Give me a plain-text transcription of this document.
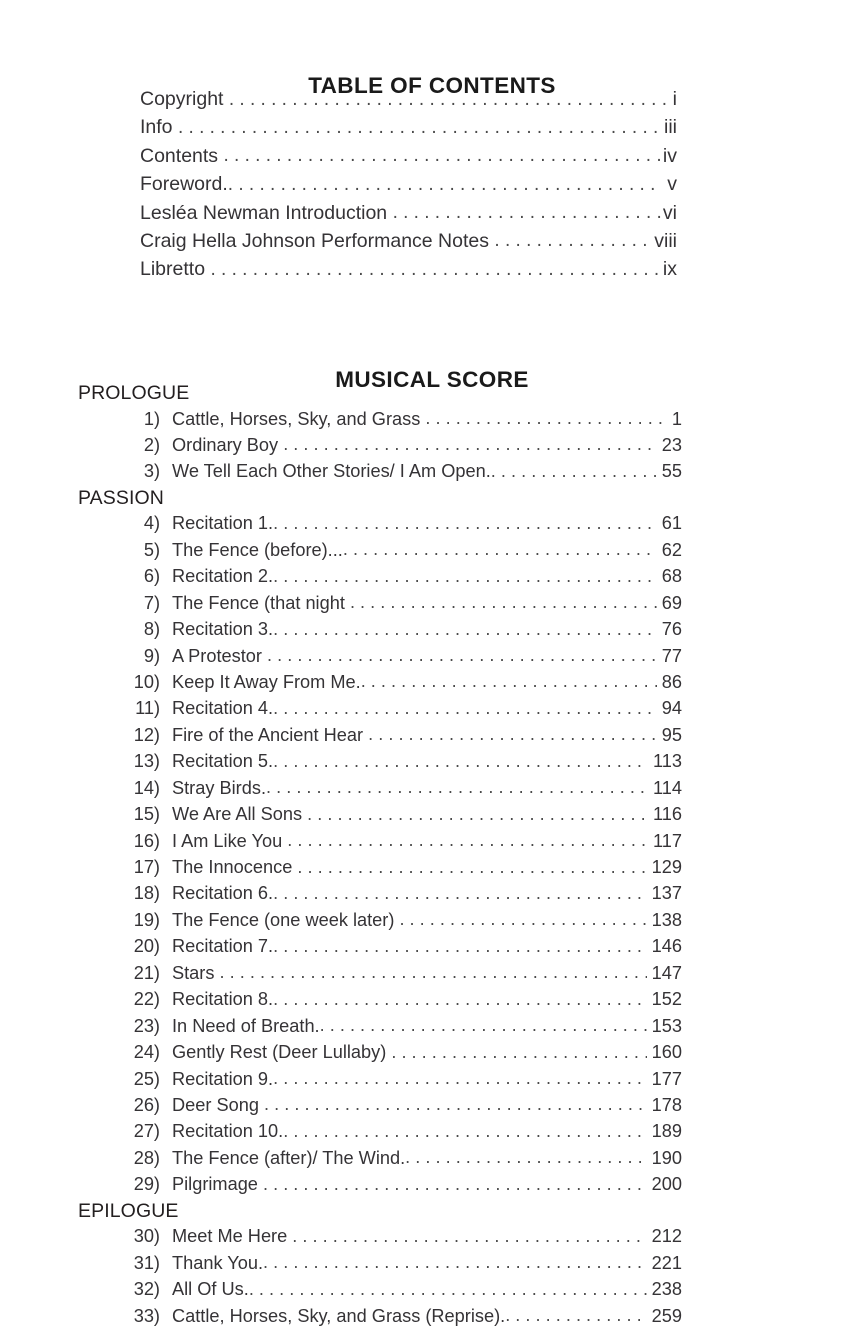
TABLE OF CONTENTS
Copyright . . .	i
Info . . .	iii
Contents . . .	iv
Foreword. . . .	v
Lesléa Newman Introduction . . .	vi
Craig Hella Johnson Performance Notes . . .	viii
Libretto . . .	ix
MUSICAL SCORE
PROLOGUE
1) Cattle, Horses, Sky, and Grass . . .	1
2) Ordinary Boy . . .	23
3) We Tell Each Other Stories/ I Am Open. . . .	55
PASSION
4) Recitation 1. . . .	61
5) The Fence (before)... . . .	62
6) Recitation 2. . . .	68
7) The Fence (that night . . .	69
8) Recitation 3. . . .	76
9) A Protestor . . .	77
10) Keep It Away From Me. . . .	86
11) Recitation 4. . . .	94
12) Fire of the Ancient Hear . . .	95
13) Recitation 5. . . .	113
14) Stray Birds. . . .	114
15) We Are All Sons . . .	116
16) I Am Like You . . .	117
17) The Innocence . . .	129
18) Recitation 6. . . .	137
19) The Fence (one week later) . . .	138
20) Recitation 7. . . .	146
21) Stars . . .	147
22) Recitation 8. . . .	152
23) In Need of Breath. . . .	153
24) Gently Rest (Deer Lullaby) . . .	160
25) Recitation 9. . . .	177
26) Deer Song . . .	178
27) Recitation 10. . . .	189
28) The Fence (after)/ The Wind. . . .	190
29) Pilgrimage . . .	200
EPILOGUE
30) Meet Me Here . . .	212
31) Thank You. . . .	221
32) All Of Us. . . .	238
33) Cattle, Horses, Sky, and Grass (Reprise). . . .	259
